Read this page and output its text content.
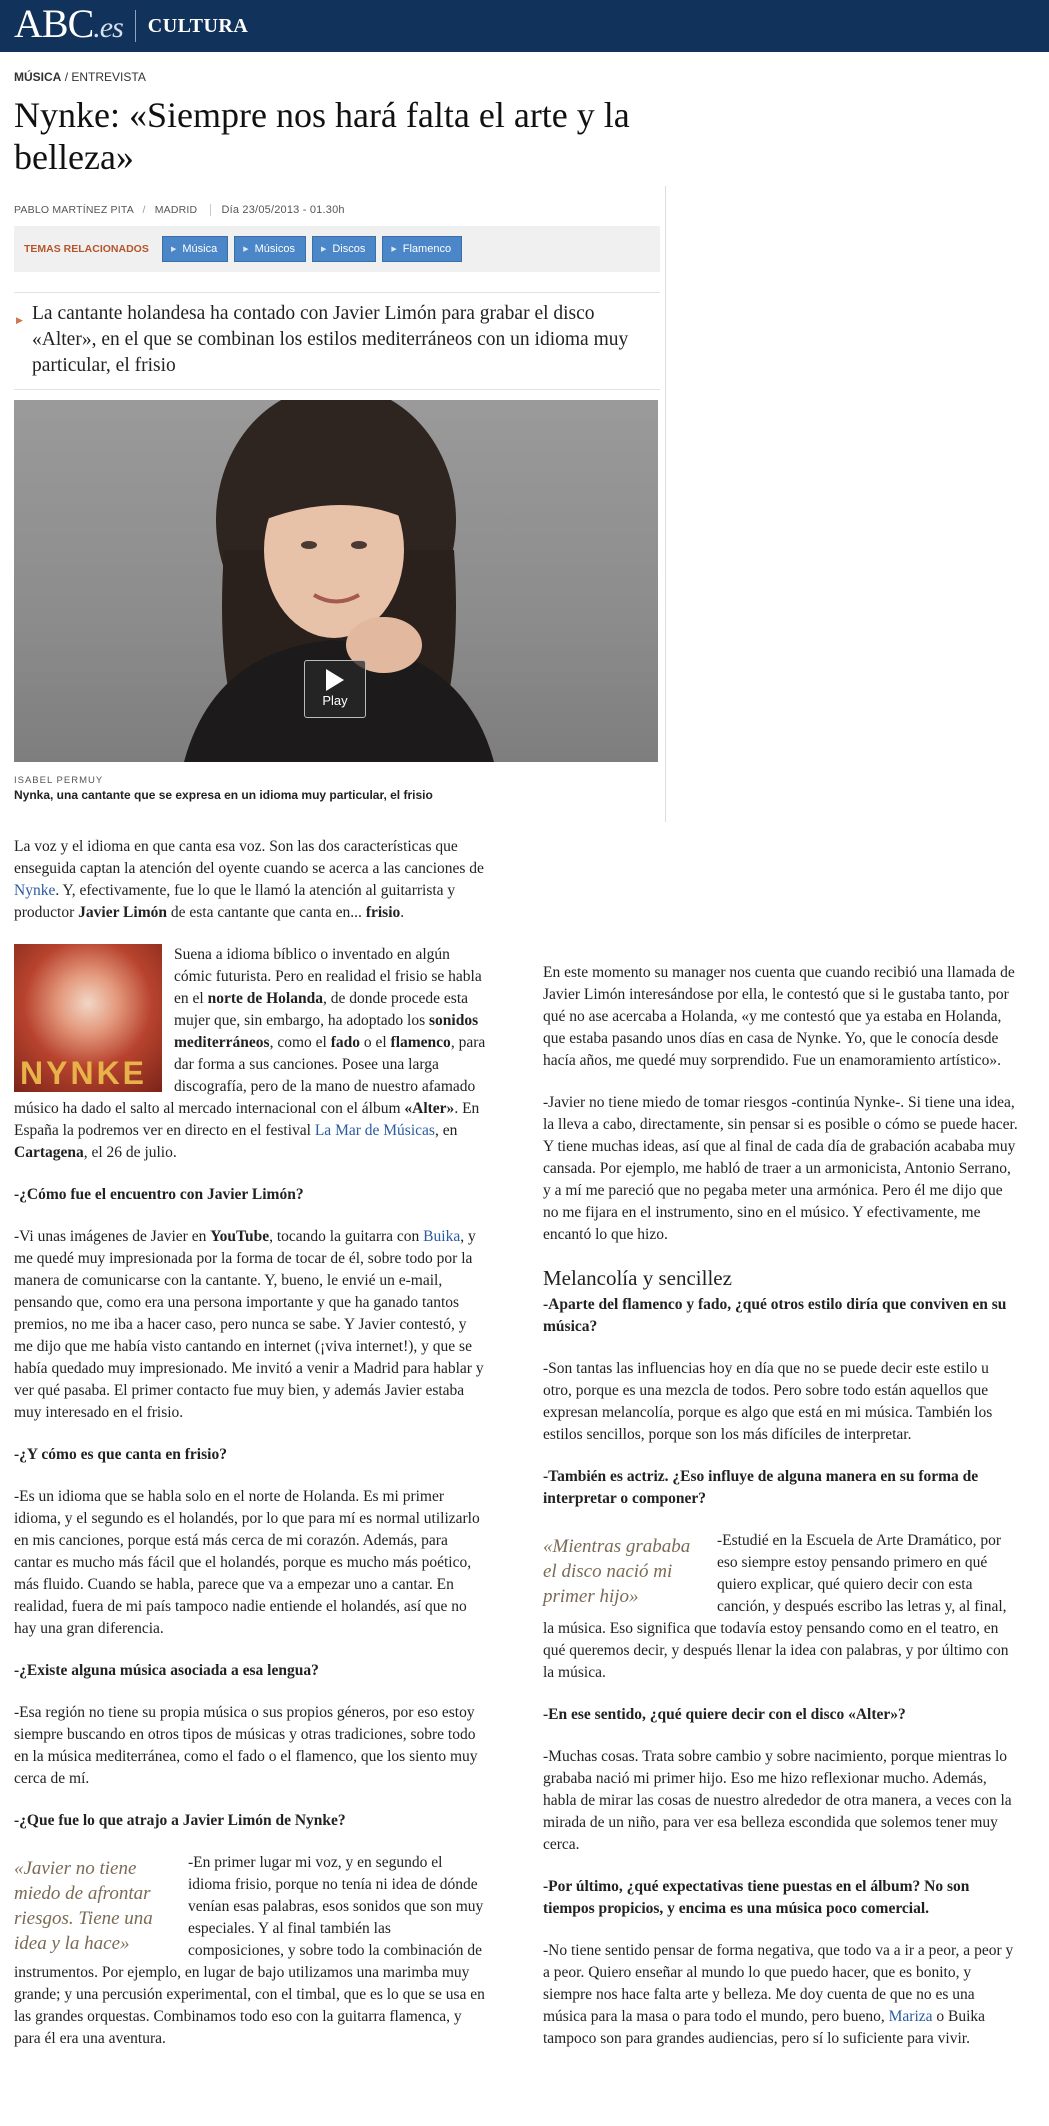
ABC.es CULTURA
MÚSICA / ENTREVISTA
Nynke: «Siempre nos hará falta el arte y la belleza»
PABLO MARTÍNEZ PITA / MADRID Día 23/05/2013 - 01.30h
TEMAS RELACIONADOS	▶ Música	▶ Músicos	▶ Discos	▶ Flamenco
▶ La cantante holandesa ha contado con Javier Limón para grabar el disco «Alter», en el que se combinan los estilos mediterráneos con un idioma muy particular, el frisio
Play
ISABEL PERMUY
Nynka, una cantante que se expresa en un idioma muy particular, el frisio

La voz y el idioma en que canta esa voz. Son las dos características que enseguida captan la atención del oyente cuando se acerca a las canciones de Nynke. Y, efectivamente, fue lo que le llamó la atención al guitarrista y productor Javier Limón de esta cantante que canta en... frisio.

NYNKE
Suena a idioma bíblico o inventado en algún cómic futurista. Pero en realidad el frisio se habla en el norte de Holanda, de donde procede esta mujer que, sin embargo, ha adoptado los sonidos mediterráneos, como el fado o el flamenco, para dar forma a sus canciones. Posee una larga discografía, pero de la mano de nuestro afamado músico ha dado el salto al mercado internacional con el álbum «Alter». En España la podremos ver en directo en el festival La Mar de Músicas, en Cartagena, el 26 de julio.

-¿Cómo fue el encuentro con Javier Limón?

-Vi unas imágenes de Javier en YouTube, tocando la guitarra con Buika, y me quedé muy impresionada por la forma de tocar de él, sobre todo por la manera de comunicarse con la cantante. Y, bueno, le envié un e-mail, pensando que, como era una persona importante y que ha ganado tantos premios, no me iba a hacer caso, pero nunca se sabe. Y Javier contestó, y me dijo que me había visto cantando en internet (¡viva internet!), y que se había quedado muy impresionado. Me invitó a venir a Madrid para hablar y ver qué pasaba. El primer contacto fue muy bien, y además Javier estaba muy interesado en el frisio.

-¿Y cómo es que canta en frisio?

-Es un idioma que se habla solo en el norte de Holanda. Es mi primer idioma, y el segundo es el holandés, por lo que para mí es normal utilizarlo en mis canciones, porque está más cerca de mi corazón. Además, para cantar es mucho más fácil que el holandés, porque es mucho más poético, más fluido. Cuando se habla, parece que va a empezar uno a cantar. En realidad, fuera de mi país tampoco nadie entiende el holandés, así que no hay una gran diferencia.

-¿Existe alguna música asociada a esa lengua?

-Esa región no tiene su propia música o sus propios géneros, por eso estoy siempre buscando en otros tipos de músicas y otras tradiciones, sobre todo en la música mediterránea, como el fado o el flamenco, que los siento muy cerca de mí.

-¿Que fue lo que atrajo a Javier Limón de Nynke?

«Javier no tiene miedo de afrontar riesgos. Tiene una idea y la hace»
-En primer lugar mi voz, y en segundo el idioma frisio, porque no tenía ni idea de dónde venían esas palabras, esos sonidos que son muy especiales. Y al final también las composiciones, y sobre todo la combinación de instrumentos. Por ejemplo, en lugar de bajo utilizamos una marimba muy grande; y una percusión experimental, con el timbal, que es lo que se usa en las grandes orquestas. Combinamos todo eso con la guitarra flamenca, y para él era una aventura.

En este momento su manager nos cuenta que cuando recibió una llamada de Javier Limón interesándose por ella, le contestó que si le gustaba tanto, por qué no ase acercaba a Holanda, «y me contestó que ya estaba en Holanda, que estaba pasando unos días en casa de Nynke. Yo, que le conocía desde hacía años, me quedé muy sorprendido. Fue un enamoramiento artístico».

-Javier no tiene miedo de tomar riesgos -continúa Nynke-. Si tiene una idea, la lleva a cabo, directamente, sin pensar si es posible o cómo se puede hacer. Y tiene muchas ideas, así que al final de cada día de grabación acababa muy cansada. Por ejemplo, me habló de traer a un armonicista, Antonio Serrano, y a mí me pareció que no pegaba meter una armónica. Pero él me dijo que no me fijara en el instrumento, sino en el músico. Y efectivamente, me encantó lo que hizo.

Melancolía y sencillez

-Aparte del flamenco y fado, ¿qué otros estilo diría que conviven en su música?

-Son tantas las influencias hoy en día que no se puede decir este estilo u otro, porque es una mezcla de todos. Pero sobre todo están aquellos que expresan melancolía, porque es algo que está en mi música. También los estilos sencillos, porque son los más difíciles de interpretar.

-También es actriz. ¿Eso influye de alguna manera en su forma de interpretar o componer?

«Mientras grababa el disco nació mi primer hijo»
-Estudié en la Escuela de Arte Dramático, por eso siempre estoy pensando primero en qué quiero explicar, qué quiero decir con esta canción, y después escribo las letras y, al final, la música. Eso significa que todavía estoy pensando como en el teatro, en qué queremos decir, y después llenar la idea con palabras, y por último con la música.

-En ese sentido, ¿qué quiere decir con el disco «Alter»?

-Muchas cosas. Trata sobre cambio y sobre nacimiento, porque mientras lo grababa nació mi primer hijo. Eso me hizo reflexionar mucho. Además, habla de mirar las cosas de nuestro alrededor de otra manera, a veces con la mirada de un niño, para ver esa belleza escondida que solemos tener muy cerca.

-Por último, ¿qué expectativas tiene puestas en el álbum? No son tiempos propicios, y encima es una música poco comercial.

-No tiene sentido pensar de forma negativa, que todo va a ir a peor, a peor y a peor. Quiero enseñar al mundo lo que puedo hacer, que es bonito, y siempre nos hace falta arte y belleza. Me doy cuenta de que no es una música para la masa o para todo el mundo, pero bueno, Mariza o Buika tampoco son para grandes audiencias, pero sí lo suficiente para vivir.
